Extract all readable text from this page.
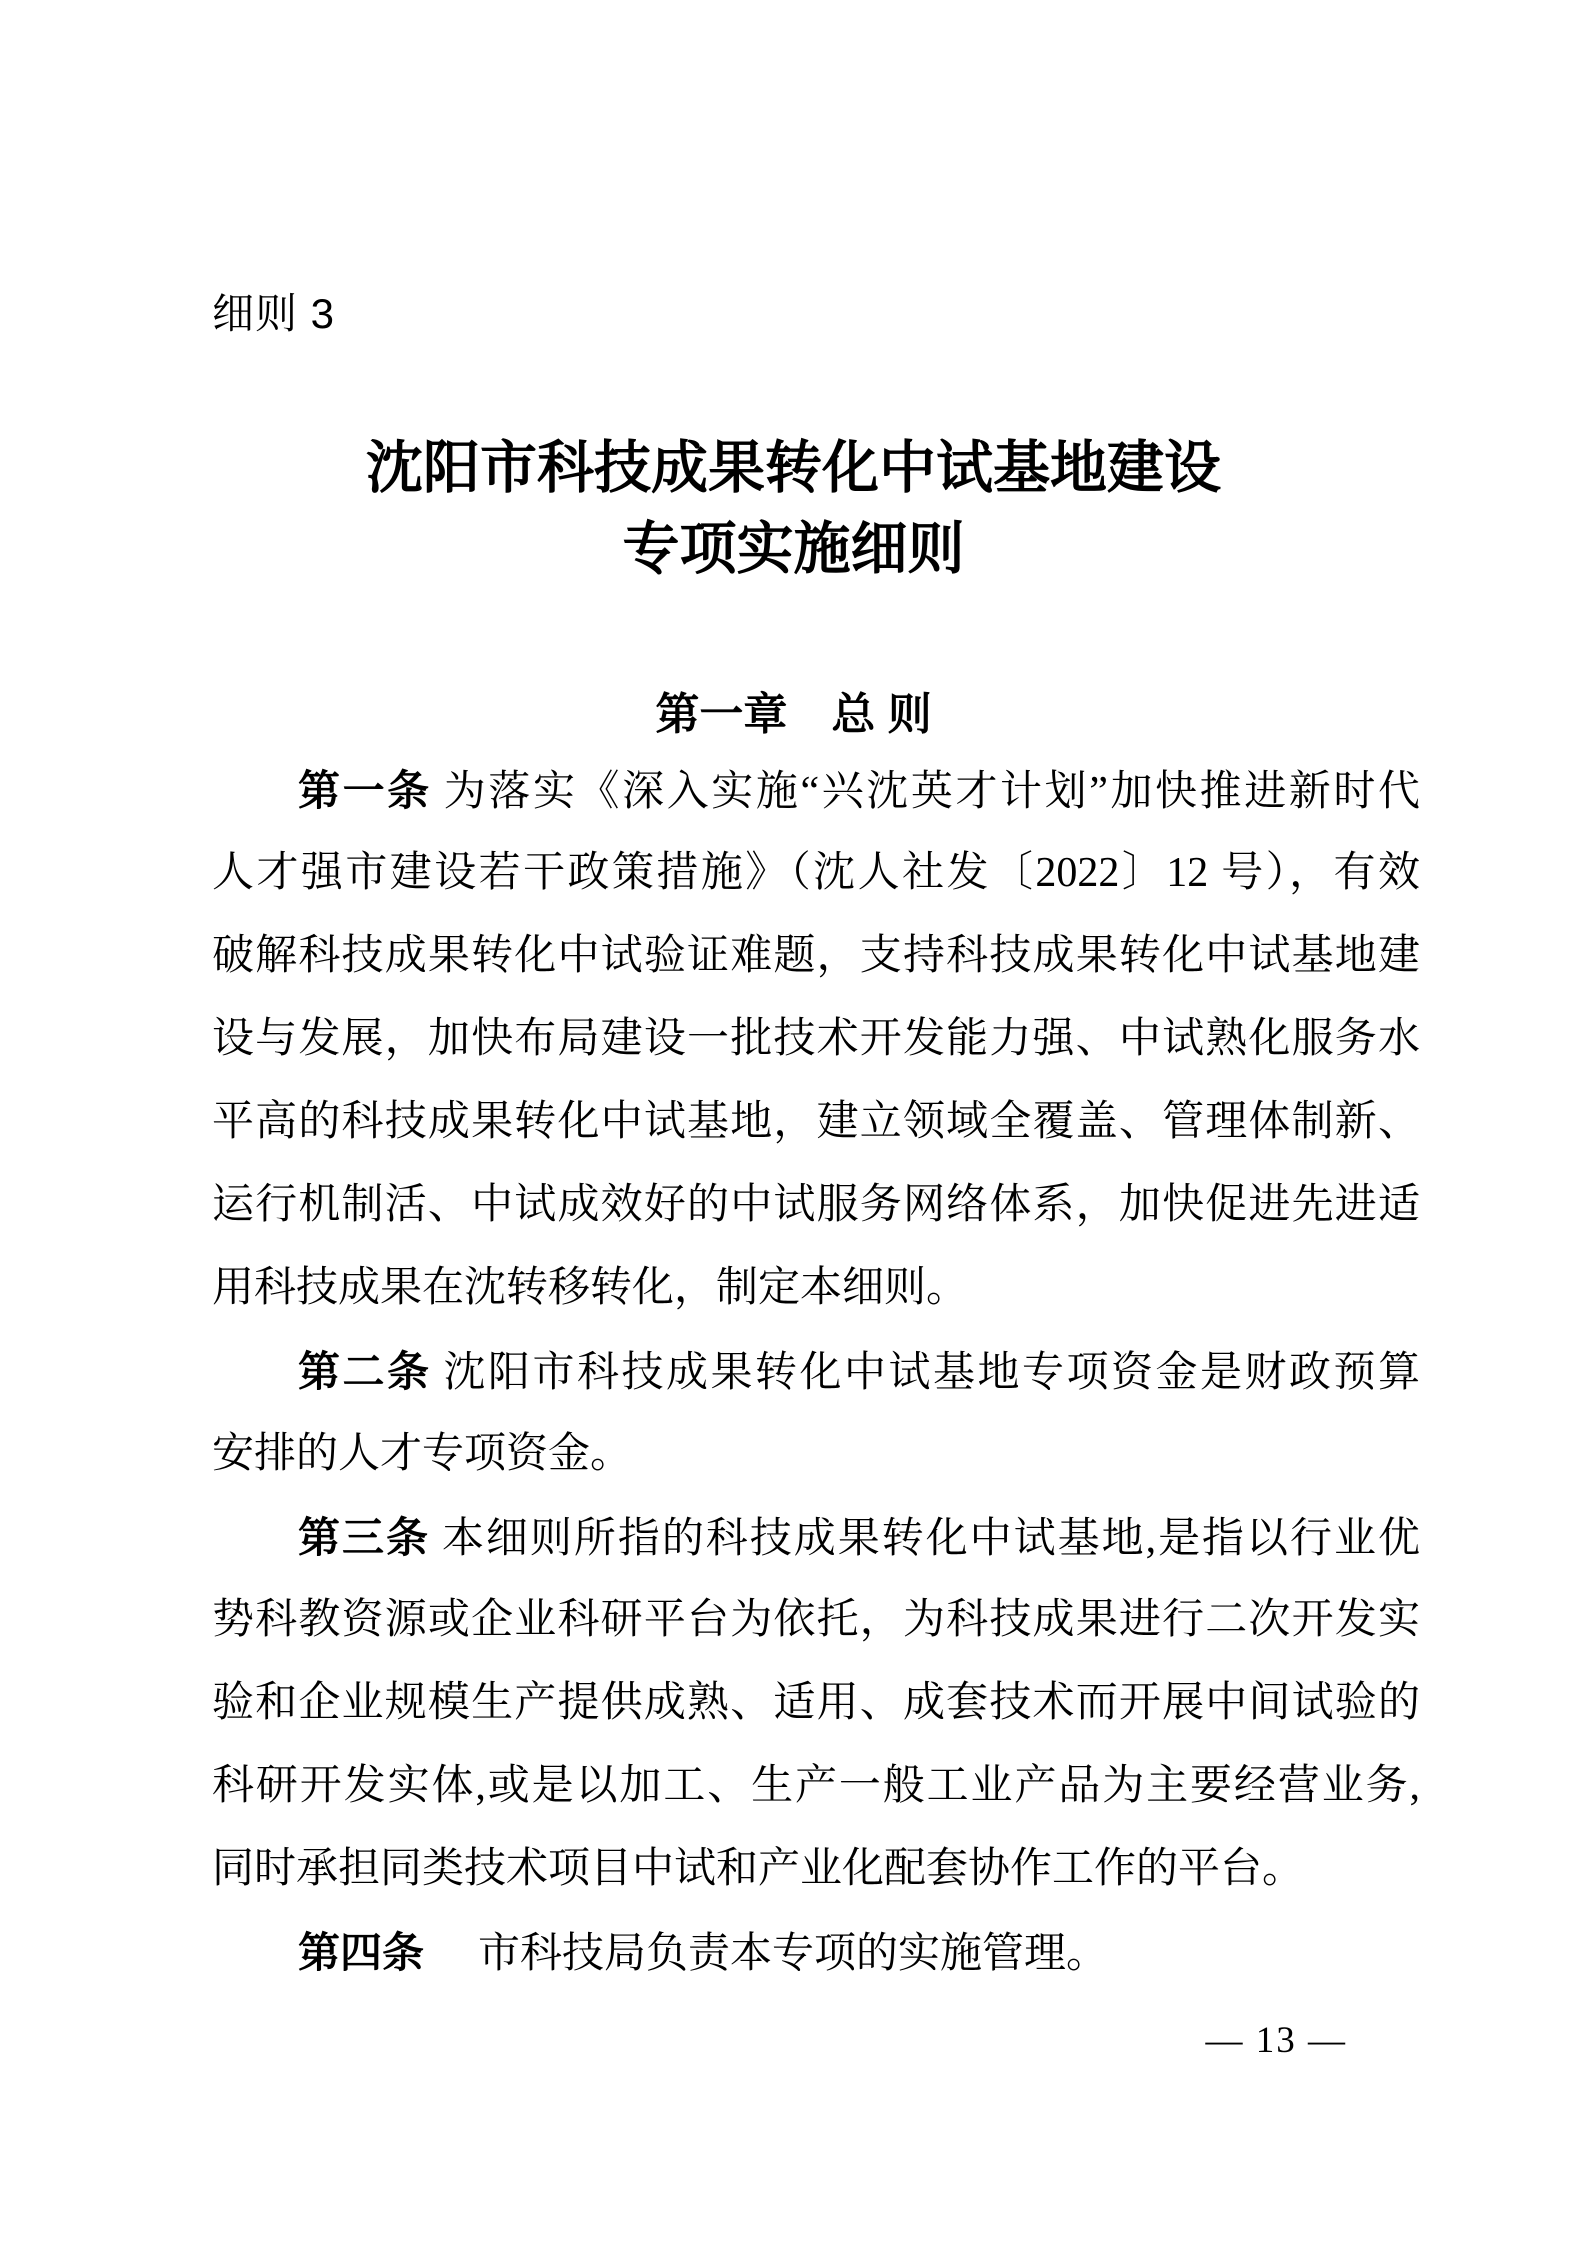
细则 3
沈阳市科技成果转化中试基地建设
专项实施细则
第一章　总 则
第一条 为落实《深入实施“兴沈英才计划”加快推进新时代
人才强市建设若干政策措施》（沈人社发〔2022〕12 号），有效
破解科技成果转化中试验证难题，支持科技成果转化中试基地建
设与发展，加快布局建设一批技术开发能力强、中试熟化服务水
平高的科技成果转化中试基地，建立领域全覆盖、管理体制新、
运行机制活、中试成效好的中试服务网络体系，加快促进先进适
用科技成果在沈转移转化，制定本细则。
第二条 沈阳市科技成果转化中试基地专项资金是财政预算
安排的人才专项资金。
第三条 本细则所指的科技成果转化中试基地,是指以行业优
势科教资源或企业科研平台为依托，为科技成果进行二次开发实
验和企业规模生产提供成熟、适用、成套技术而开展中间试验的
科研开发实体,或是以加工、生产一般工业产品为主要经营业务,
同时承担同类技术项目中试和产业化配套协作工作的平台。
第四条　市科技局负责本专项的实施管理。
— 13 —
